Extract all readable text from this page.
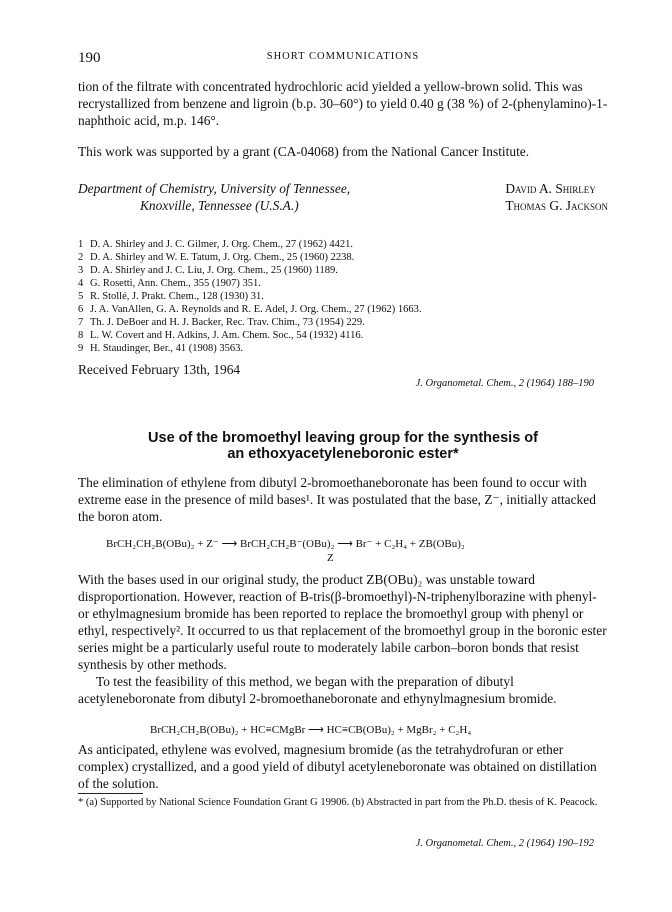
190	SHORT COMMUNICATIONS

tion of the filtrate with concentrated hydrochloric acid yielded a yellow-brown solid. This was recrystallized from benzene and ligroin (b.p. 30–60°) to yield 0.40 g (38 %) of 2-(phenylamino)-1-naphthoic acid, m.p. 146°.

This work was supported by a grant (CA-04068) from the National Cancer Institute.

Department of Chemistry, University of Tennessee,
Knoxville, Tennessee (U.S.A.)
David A. Shirley
Thomas G. Jackson
1 D. A. Shirley and J. C. Gilmer, J. Org. Chem., 27 (1962) 4421.
2 D. A. Shirley and W. E. Tatum, J. Org. Chem., 25 (1960) 2238.
3 D. A. Shirley and J. C. Liu, J. Org. Chem., 25 (1960) 1189.
4 G. Rosetti, Ann. Chem., 355 (1907) 351.
5 R. Stollé, J. Prakt. Chem., 128 (1930) 31.
6 J. A. VanAllen, G. A. Reynolds and R. E. Adel, J. Org. Chem., 27 (1962) 1663.
7 Th. J. DeBoer and H. J. Backer, Rec. Trav. Chim., 73 (1954) 229.
8 L. W. Covert and H. Adkins, J. Am. Chem. Soc., 54 (1932) 4116.
9 H. Staudinger, Ber., 41 (1908) 3563.
Received February 13th, 1964
J. Organometal. Chem., 2 (1964) 188–190
Use of the bromoethyl leaving group for the synthesis of
an ethoxyacetyleneboronic ester*

The elimination of ethylene from dibutyl 2-bromoethaneboronate has been found to occur with extreme ease in the presence of mild bases¹. It was postulated that the base, Z⁻, initially attacked the boron atom.

BrCH₂CH₂B(OBu)₂ + Z⁻ ⟶ BrCH₂CH₂B⁻(OBu)₂ ⟶ Br⁻ + C₂H₄ + ZB(OBu)₂
Z

With the bases used in our original study, the product ZB(OBu)₂ was unstable toward disproportionation. However, reaction of B-tris(β-bromoethyl)-N-triphenylborazine with phenyl- or ethylmagnesium bromide has been reported to replace the bromoethyl group with phenyl or ethyl, respectively². It occurred to us that replacement of the bromoethyl group in the boronic ester series might be a particularly useful route to moderately labile carbon–boron bonds that resist synthesis by other methods.

To test the feasibility of this method, we began with the preparation of dibutyl acetyleneboronate from dibutyl 2-bromoethaneboronate and ethynylmagnesium bromide.

BrCH₂CH₂B(OBu)₂ + HC≡CMgBr ⟶ HC≡CB(OBu)₂ + MgBr₂ + C₂H₄

As anticipated, ethylene was evolved, magnesium bromide (as the tetrahydrofuran or ether complex) crystallized, and a good yield of dibutyl acetyleneboronate was obtained on distillation of the solution.

* (a) Supported by National Science Foundation Grant G 19906. (b) Abstracted in part from the Ph.D. thesis of K. Peacock.

J. Organometal. Chem., 2 (1964) 190–192
